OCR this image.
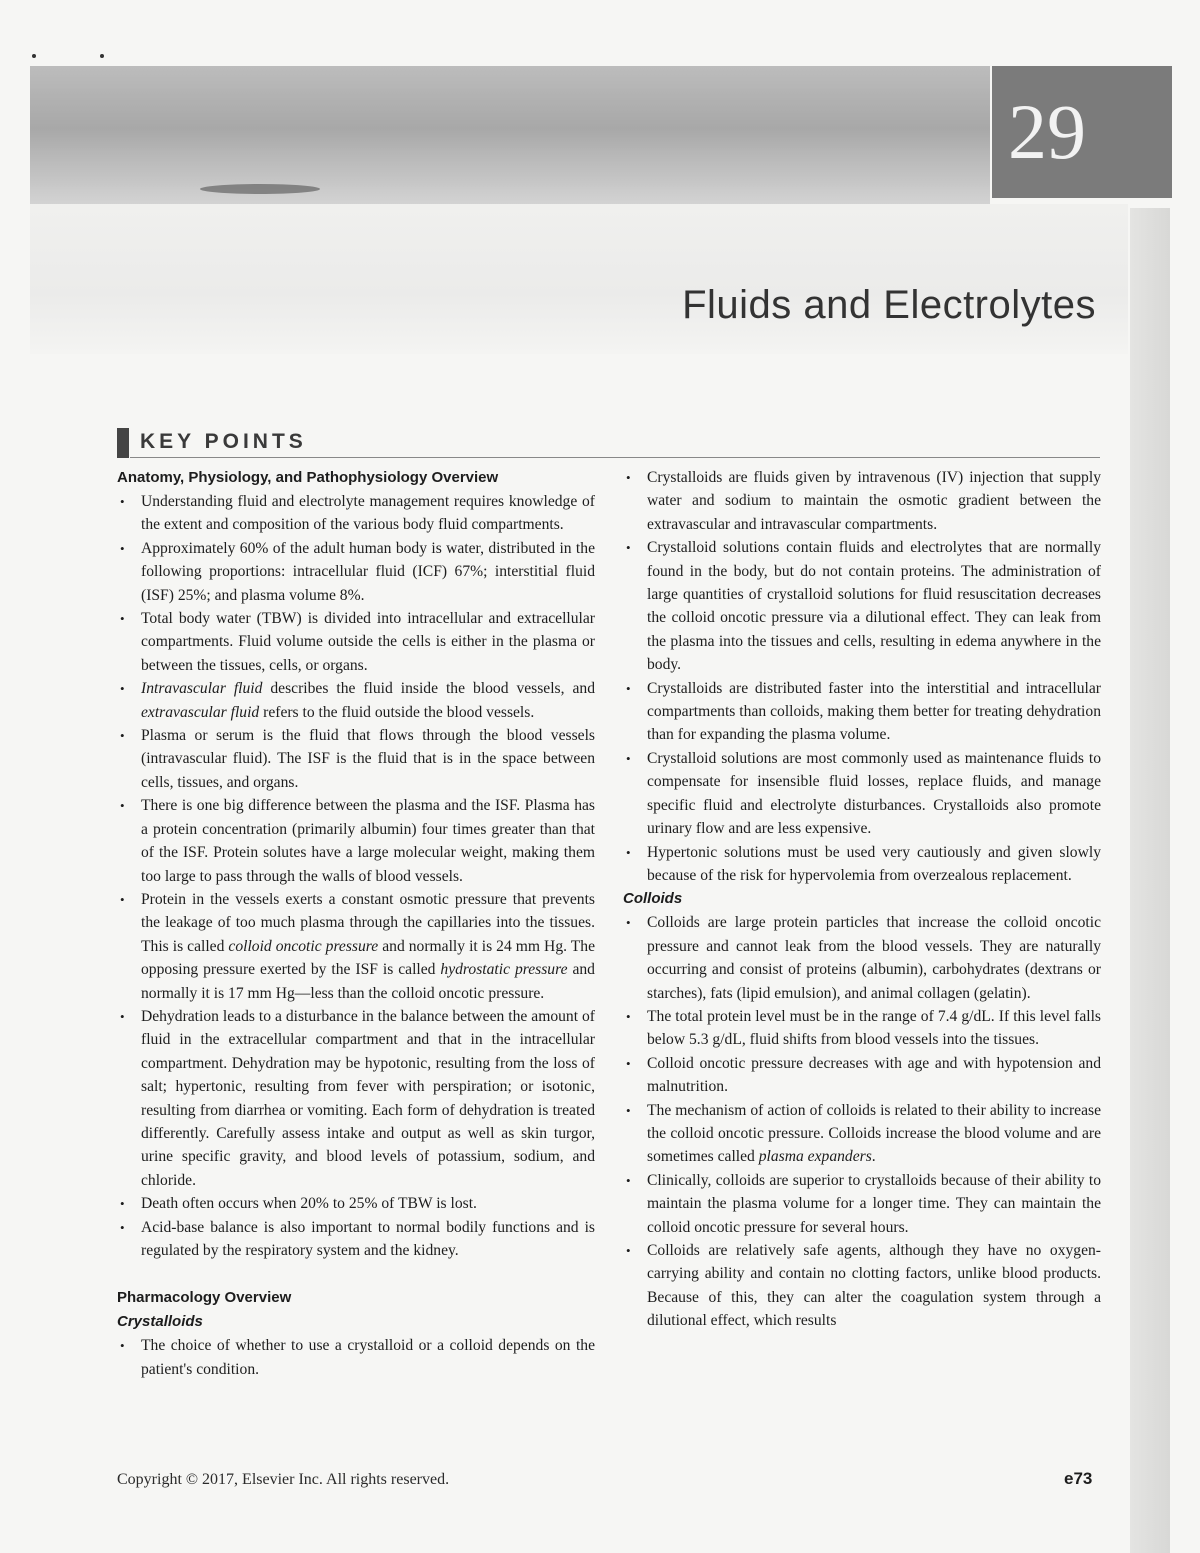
29
Fluids and Electrolytes
KEY POINTS

Anatomy, Physiology, and Pathophysiology Overview

• Understanding fluid and electrolyte management requires knowledge of the extent and composition of the various body fluid compartments.
• Approximately 60% of the adult human body is water, distributed in the following proportions: intracellular fluid (ICF) 67%; interstitial fluid (ISF) 25%; and plasma volume 8%.
• Total body water (TBW) is divided into intracellular and extracellular compartments. Fluid volume outside the cells is either in the plasma or between the tissues, cells, or organs.
• Intravascular fluid describes the fluid inside the blood vessels, and extravascular fluid refers to the fluid outside the blood vessels.
• Plasma or serum is the fluid that flows through the blood vessels (intravascular fluid). The ISF is the fluid that is in the space between cells, tissues, and organs.
• There is one big difference between the plasma and the ISF. Plasma has a protein concentration (primarily albumin) four times greater than that of the ISF. Protein solutes have a large molecular weight, making them too large to pass through the walls of blood vessels.
• Protein in the vessels exerts a constant osmotic pressure that prevents the leakage of too much plasma through the capillaries into the tissues. This is called colloid oncotic pressure and normally it is 24 mm Hg. The opposing pressure exerted by the ISF is called hydrostatic pressure and normally it is 17 mm Hg—less than the colloid oncotic pressure.
• Dehydration leads to a disturbance in the balance between the amount of fluid in the extracellular compartment and that in the intracellular compartment. Dehydration may be hypotonic, resulting from the loss of salt; hypertonic, resulting from fever with perspiration; or isotonic, resulting from diarrhea or vomiting. Each form of dehydration is treated differently. Carefully assess intake and output as well as skin turgor, urine specific gravity, and blood levels of potassium, sodium, and chloride.
• Death often occurs when 20% to 25% of TBW is lost.
• Acid-base balance is also important to normal bodily functions and is regulated by the respiratory system and the kidney.

Pharmacology Overview

Crystalloids

• The choice of whether to use a crystalloid or a colloid depends on the patient's condition.
• Crystalloids are fluids given by intravenous (IV) injection that supply water and sodium to maintain the osmotic gradient between the extravascular and intravascular compartments.
• Crystalloid solutions contain fluids and electrolytes that are normally found in the body, but do not contain proteins. The administration of large quantities of crystalloid solutions for fluid resuscitation decreases the colloid oncotic pressure via a dilutional effect. They can leak from the plasma into the tissues and cells, resulting in edema anywhere in the body.
• Crystalloids are distributed faster into the interstitial and intracellular compartments than colloids, making them better for treating dehydration than for expanding the plasma volume.
• Crystalloid solutions are most commonly used as maintenance fluids to compensate for insensible fluid losses, replace fluids, and manage specific fluid and electrolyte disturbances. Crystalloids also promote urinary flow and are less expensive.
• Hypertonic solutions must be used very cautiously and given slowly because of the risk for hypervolemia from overzealous replacement.

Colloids

• Colloids are large protein particles that increase the colloid oncotic pressure and cannot leak from the blood vessels. They are naturally occurring and consist of proteins (albumin), carbohydrates (dextrans or starches), fats (lipid emulsion), and animal collagen (gelatin).
• The total protein level must be in the range of 7.4 g/dL. If this level falls below 5.3 g/dL, fluid shifts from blood vessels into the tissues.
• Colloid oncotic pressure decreases with age and with hypotension and malnutrition.
• The mechanism of action of colloids is related to their ability to increase the colloid oncotic pressure. Colloids increase the blood volume and are sometimes called plasma expanders.
• Clinically, colloids are superior to crystalloids because of their ability to maintain the plasma volume for a longer time. They can maintain the colloid oncotic pressure for several hours.
• Colloids are relatively safe agents, although they have no oxygen-carrying ability and contain no clotting factors, unlike blood products. Because of this, they can alter the coagulation system through a dilutional effect, which results
Copyright © 2017, Elsevier Inc. All rights reserved.	e73
